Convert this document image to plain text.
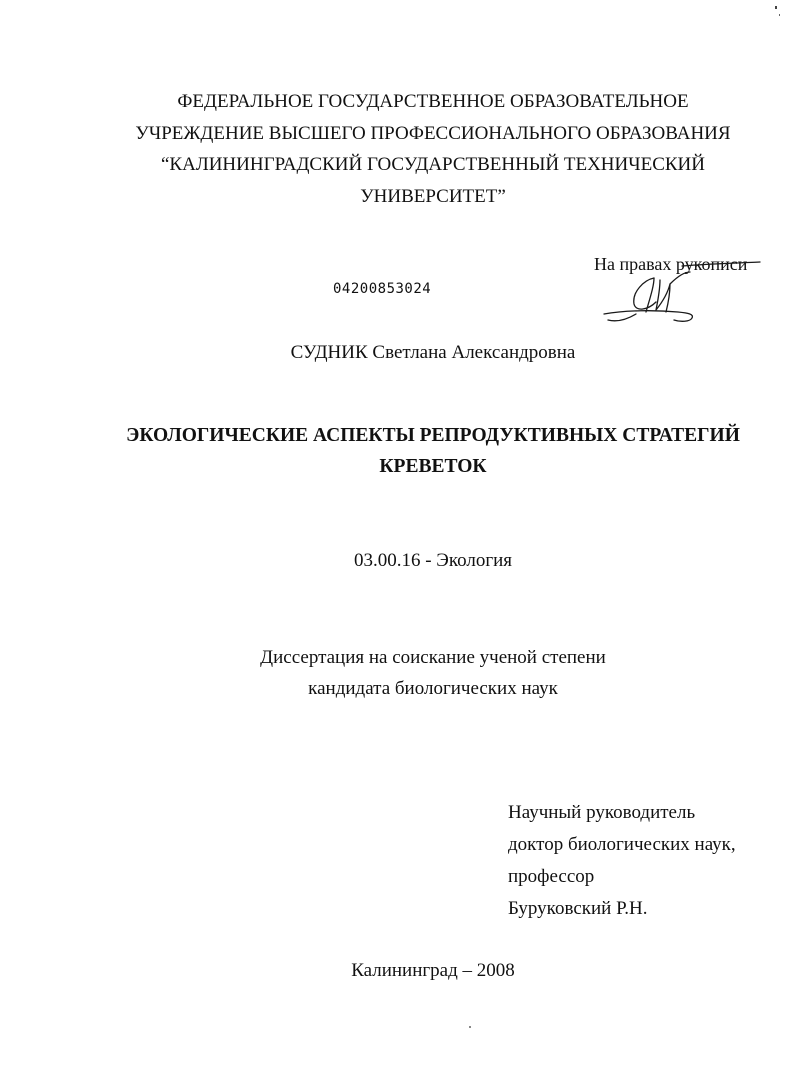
ФЕДЕРАЛЬНОЕ ГОСУДАРСТВЕННОЕ ОБРАЗОВАТЕЛЬНОЕ
УЧРЕЖДЕНИЕ ВЫСШЕГО ПРОФЕССИОНАЛЬНОГО ОБРАЗОВАНИЯ
“КАЛИНИНГРАДСКИЙ ГОСУДАРСТВЕННЫЙ ТЕХНИЧЕСКИЙ
УНИВЕРСИТЕТ”
На правах рукописи
04200853024
СУДНИК Светлана Александровна
ЭКОЛОГИЧЕСКИЕ АСПЕКТЫ РЕПРОДУКТИВНЫХ СТРАТЕГИЙ
КРЕВЕТОК
03.00.16 - Экология
Диссертация на соискание ученой степени
кандидата биологических наук
Научный руководитель
доктор биологических наук,
профессор
Буруковский Р.Н.
Калининград – 2008
